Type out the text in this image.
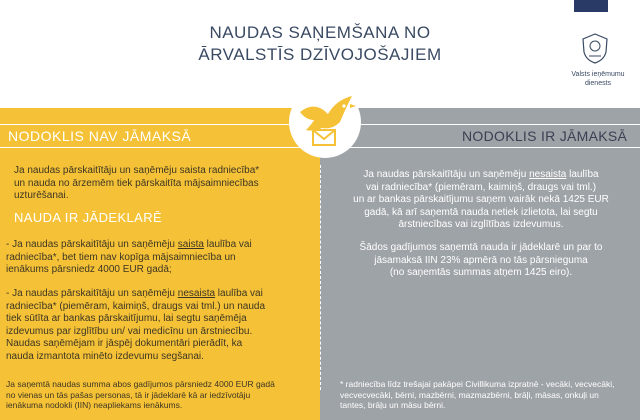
NAUDAS SAŅEMŠANA NO
ĀRVALSTĪS DZĪVOJOŠAJIEM
Valsts ieņēmumu
dienests
NODOKLIS NAV JĀMAKSĀ	NODOKLIS IR JĀMAKSĀ
Ja naudas pārskaitītāju un saņēmēju saista radniecība*
un nauda no ārzemēm tiek pārskaitīta mājsaimniecības
uzturēšanai.
NAUDA IR JĀDEKLARĒ
- Ja naudas pārskaitītāju un saņēmēju saista laulība vai
radniecība*, bet tiem nav kopīga mājsaimniecība un
ienākums pārsniedz 4000 EUR gadā;
- Ja naudas pārskaitītāju un saņēmēju nesaista laulība vai
radniecība* (piemēram, kaimiņš, draugs vai tml.) un nauda
tiek sūtīta ar bankas pārskaitījumu, lai segtu saņēmēja
izdevumus par izglītību un/ vai medicīnu un ārstniecību.
Naudas saņēmējam ir jāspēj dokumentāri pierādīt, ka
nauda izmantota minēto izdevumu segšanai.
Ja naudas pārskaitītāju un saņēmēju nesaista laulība
vai radniecība* (piemēram, kaimiņš, draugs vai tml.)
un ar bankas pārskaitījumu saņem vairāk nekā 1425 EUR
gadā, kā arī saņemtā nauda netiek izlietota, lai segtu
ārstniecības vai izglītības izdevumus.
Šādos gadījumos saņemtā nauda ir jādeklarē un par to
jāsamaksā IIN 23% apmērā no tās pārsnieguma
(no saņemtās summas atņem 1425 eiro).
Ja saņemtā naudas summa abos gadījumos pārsniedz 4000 EUR gadā
no vienas un tās pašas personas, tā ir jādeklarē kā ar iedzīvotāju
ienākuma nodokli (IIN) neapliekams ienākums.
* radniecība līdz trešajai pakāpei Civillikuma izpratnē - vecāki, vecvecāki,
vecvecvecāki, bērni, mazbērni, mazmazbērni, brāļi, māsas, onkuļi un
tantes, brāļu un māsu bērni.
